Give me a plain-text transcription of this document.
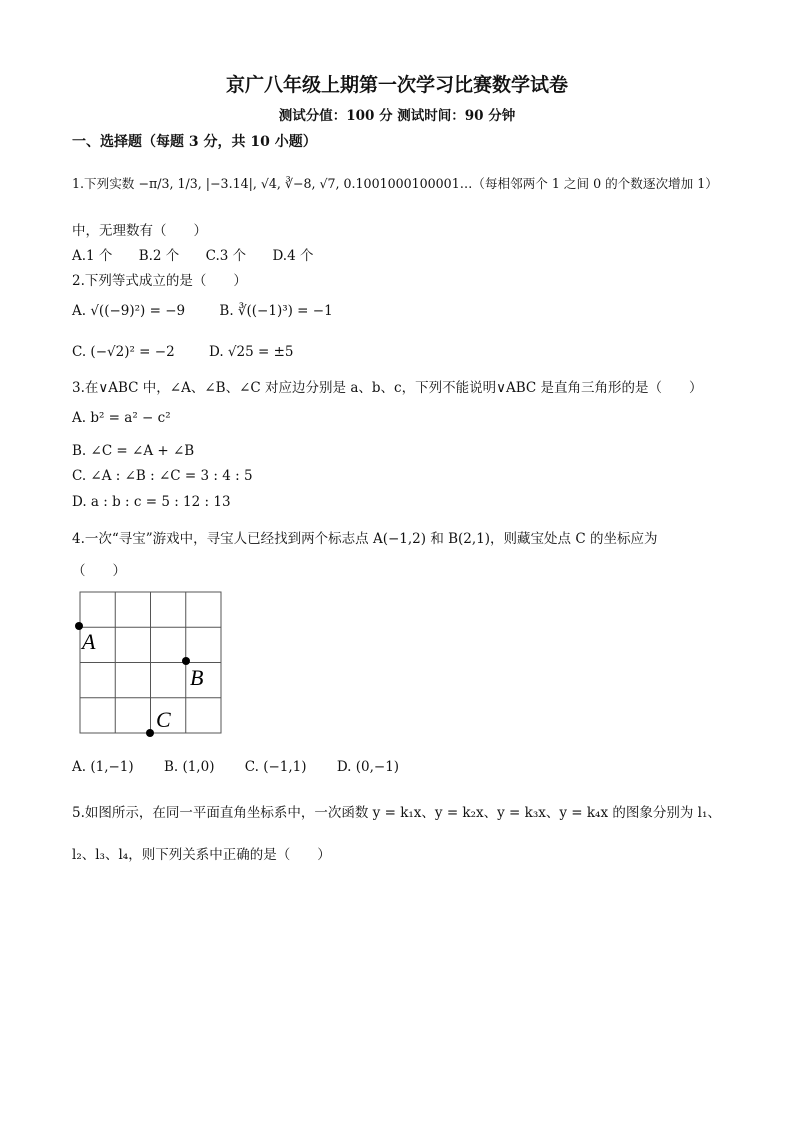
京广八年级上期第一次学习比赛数学试卷
测试分值：100 分 测试时间：90 分钟
一、选择题（每题 3 分，共 10 小题）
1.下列实数 −π/3, 1/3, |−3.14|, √4, ∛−8, √7, 0.1001000100001…（每相邻两个 1 之间 0 的个数逐次增加 1）
中，无理数有（　　）
A.1 个 B.2 个 C.3 个 D.4 个
2.下列等式成立的是（　　）
A. √((−9)²) = −9	B. ∛((−1)³) = −1
C. (−√2)² = −2	D. √25 = ±5
3.在∨ABC 中，∠A、∠B、∠C 对应边分别是 a、b、c，下列不能说明∨ABC 是直角三角形的是（　　）
A. b² = a² − c²
B. ∠C = ∠A + ∠B
C. ∠A : ∠B : ∠C = 3 : 4 : 5
D. a : b : c = 5 : 12 : 13
4.一次“寻宝”游戏中，寻宝人已经找到两个标志点 A(−1,2) 和 B(2,1)，则藏宝处点 C 的坐标应为
（　　）
A
B
C
A. (1,−1) B. (1,0) C. (−1,1) D. (0,−1)
5.如图所示，在同一平面直角坐标系中，一次函数 y = k₁x、y = k₂x、y = k₃x、y = k₄x 的图象分别为 l₁、
l₂、l₃、l₄，则下列关系中正确的是（　　）
